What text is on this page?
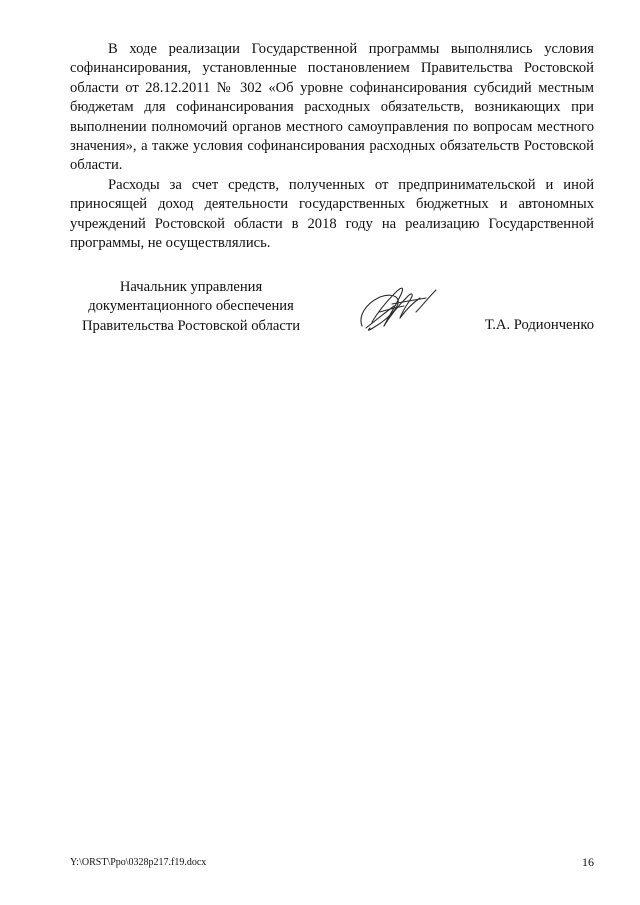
В ходе реализации Государственной программы выполнялись условия софинансирования, установленные постановлением Правительства Ростовской области от 28.12.2011 № 302 «Об уровне софинансирования субсидий местным бюджетам для софинансирования расходных обязательств, возникающих при выполнении полномочий органов местного самоуправления по вопросам местного значения», а также условия софинансирования расходных обязательств Ростовской области.

Расходы за счет средств, полученных от предпринимательской и иной приносящей доход деятельности государственных бюджетных и автономных учреждений Ростовской области в 2018 году на реализацию Государственной программы, не осуществлялись.

Начальник управления
документационного обеспечения
Правительства Ростовской области	Т.А. Родионченко
Y:\ORST\Ppo\0328p217.f19.docx	16
